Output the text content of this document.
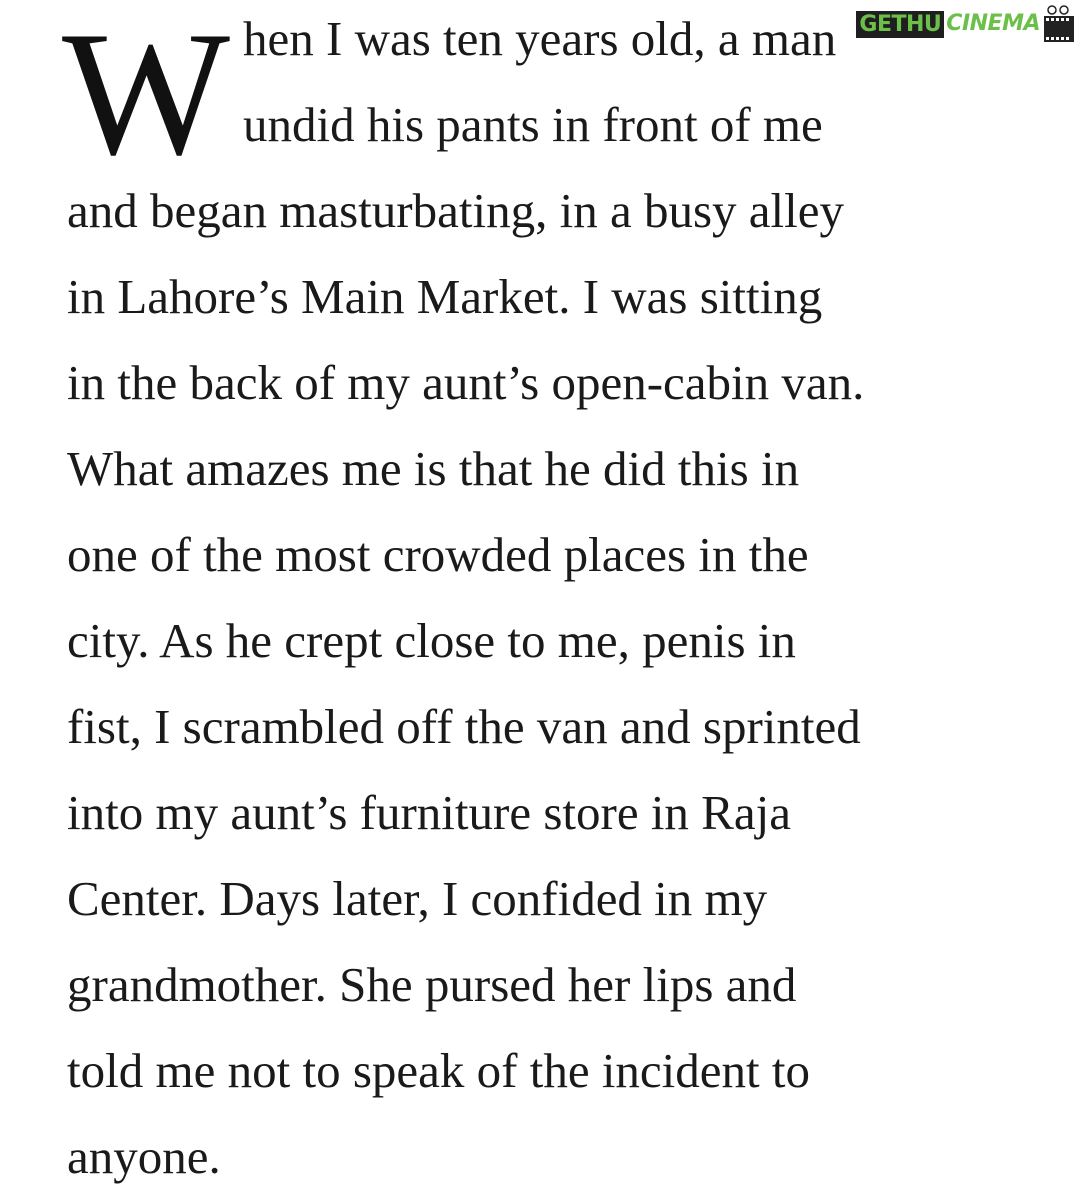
W hen I was ten years old, a man
undid his pants in front of me
and began masturbating, in a busy alley
in Lahore’s Main Market. I was sitting
in the back of my aunt’s open-cabin van.
What amazes me is that he did this in
one of the most crowded places in the
city. As he crept close to me, penis in
fist, I scrambled off the van and sprinted
into my aunt’s furniture store in Raja
Center. Days later, I confided in my
grandmother. She pursed her lips and
told me not to speak of the incident to
anyone.
GETHU CINEMA
